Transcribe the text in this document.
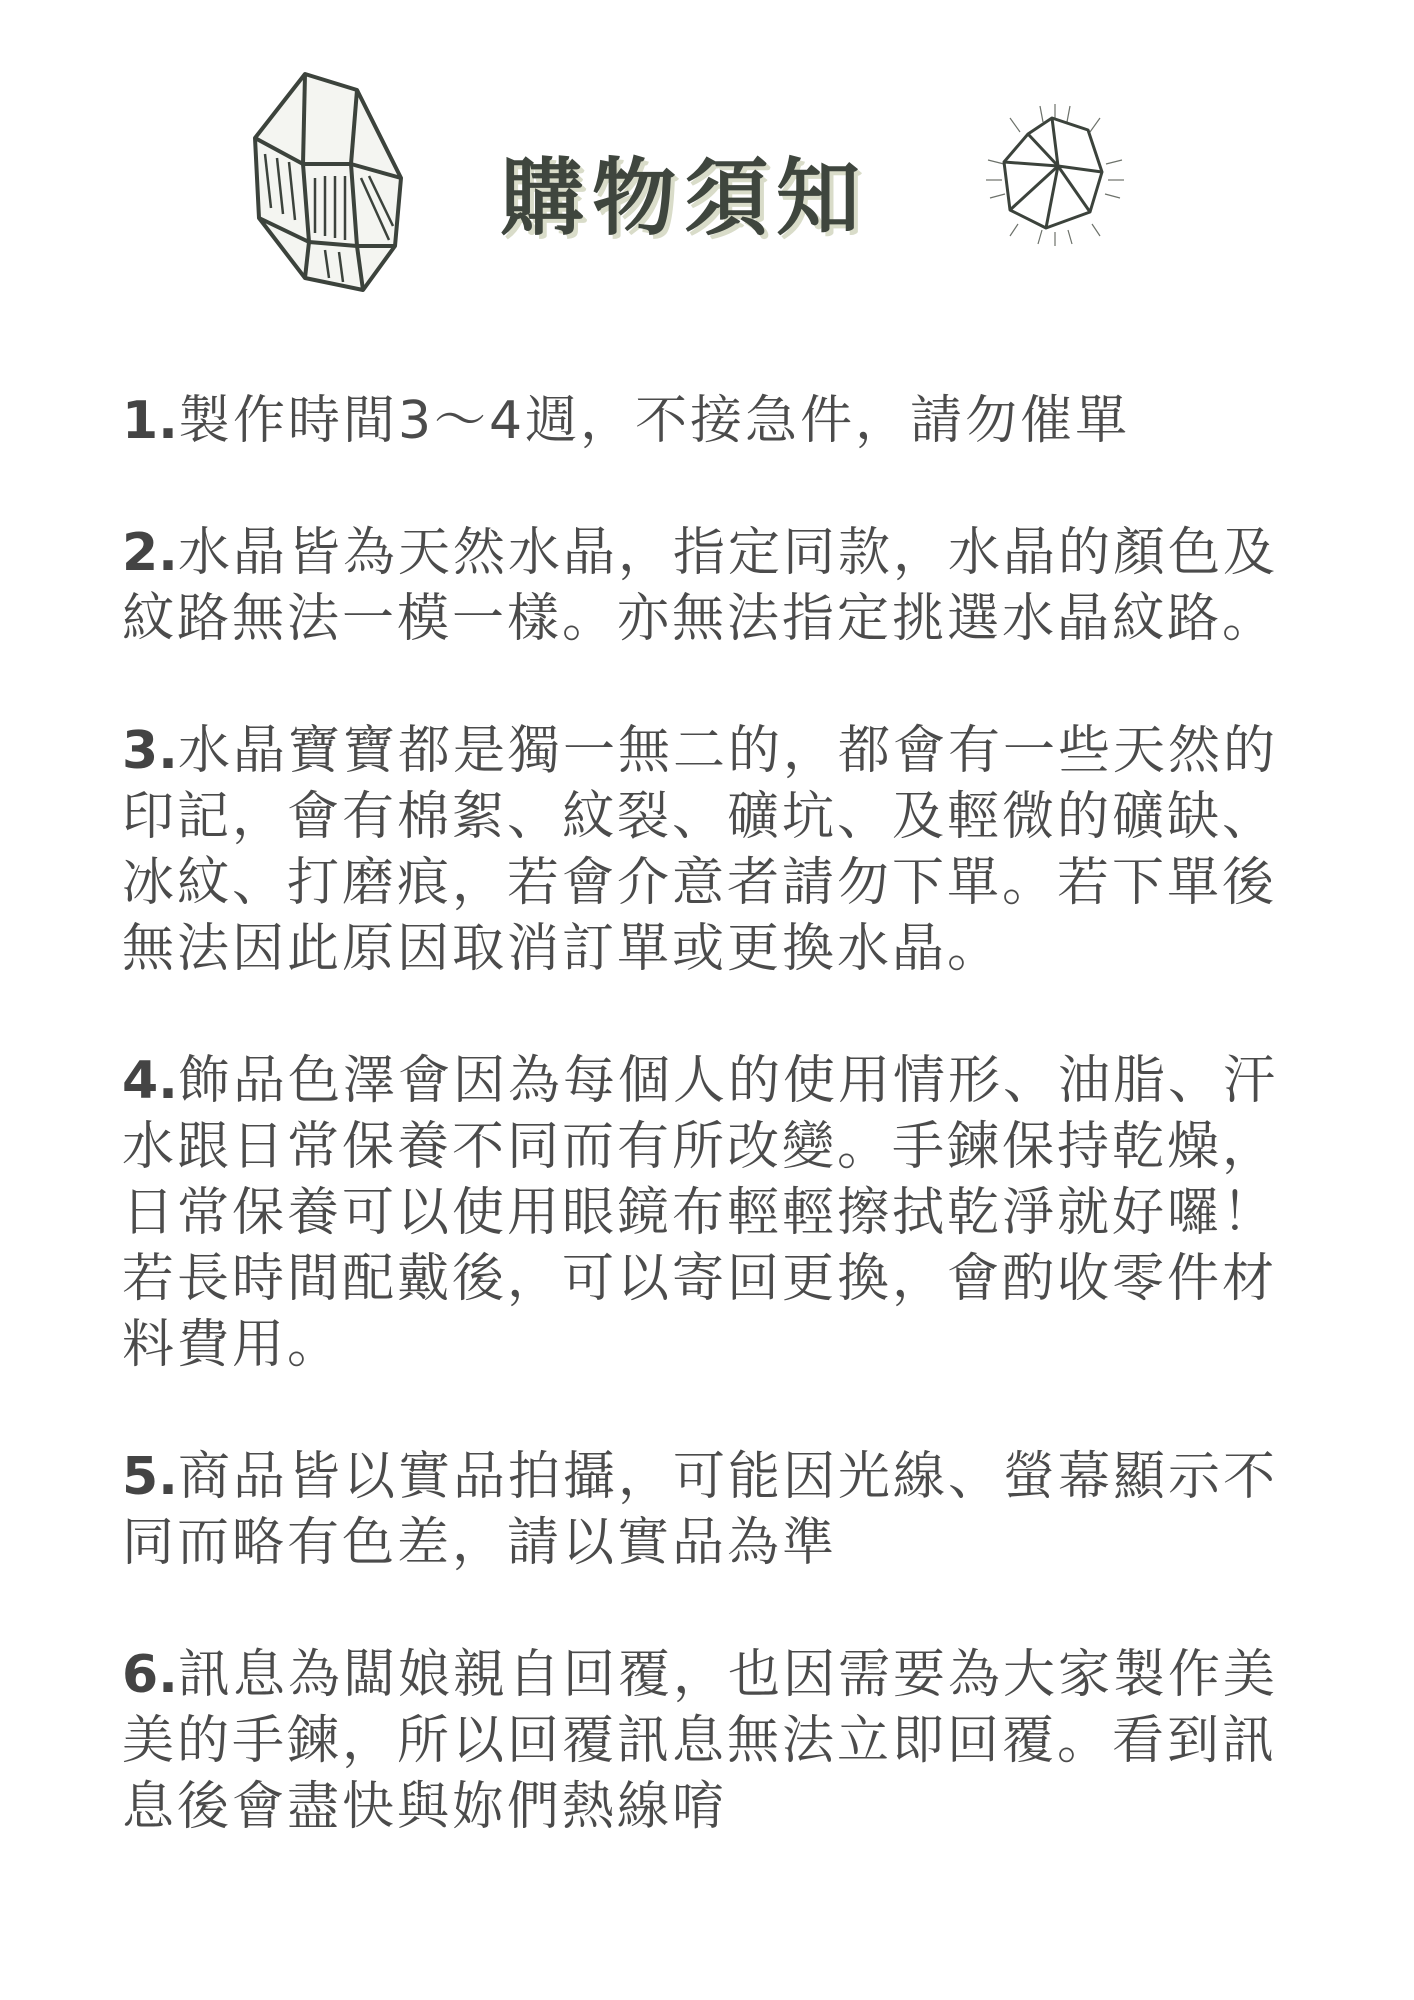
購物須知

1.製作時間3～4週，不接急件，請勿催單

2.水晶皆為天然水晶，指定同款，水晶的顏色及紋路無法一模一樣。亦無法指定挑選水晶紋路。

3.水晶寶寶都是獨一無二的，都會有一些天然的印記，會有棉絮、紋裂、礦坑、及輕微的礦缺、冰紋、打磨痕，若會介意者請勿下單。若下單後無法因此原因取消訂單或更換水晶。

4.飾品色澤會因為每個人的使用情形、油脂、汗水跟日常保養不同而有所改變。手鍊保持乾燥，日常保養可以使用眼鏡布輕輕擦拭乾淨就好囉！若長時間配戴後，可以寄回更換，會酌收零件材料費用。

5.商品皆以實品拍攝，可能因光線、螢幕顯示不同而略有色差，請以實品為準

6.訊息為闆娘親自回覆，也因需要為大家製作美美的手鍊，所以回覆訊息無法立即回覆。看到訊息後會盡快與妳們熱線唷
